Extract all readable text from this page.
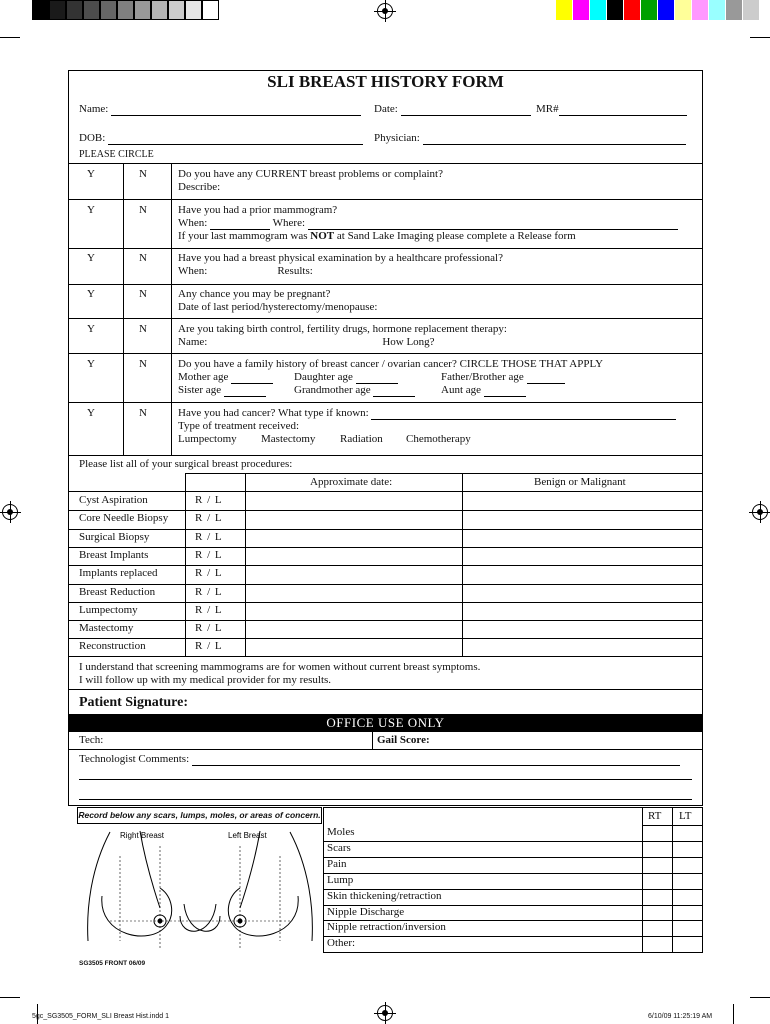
SLI BREAST HISTORY FORM
Name:	Date:	MR#
DOB:	Physician:
PLEASE CIRCLE
Y	N	Do you have any CURRENT breast problems or complaint?
Describe:
Y	N	Have you had a prior mammogram?
When:	Where:
If your last mammogram was NOT at Sand Lake Imaging please complete a Release form
Y	N	Have you had a breast physical examination by a healthcare professional?
When:	Results:
Y	N	Any chance you may be pregnant?
Date of last period/hysterectomy/menopause:
Y	N	Are you taking birth control, fertility drugs, hormone replacement therapy:
Name:	How Long?
Y	N	Do you have a family history of breast cancer / ovarian cancer? CIRCLE THOSE THAT APPLY
Mother age	Daughter age	Father/Brother age
Sister age	Grandmother age	Aunt age
Y	N	Have you had cancer? What type if known:
Type of treatment received:
Lumpectomy Mastectomy Radiation Chemotherapy
Please list all of your surgical breast procedures:
Approximate date:	Benign or Malignant
Cyst Aspiration	R / L
Core Needle Biopsy R / L
Surgical Biopsy	R / L
Breast Implants	R / L
Implants replaced	R / L
Breast Reduction	R / L
Lumpectomy	R / L
Mastectomy	R / L
Reconstruction	R / L
I understand that screening mammograms are for women without current breast symptoms.
I will follow up with my medical provider for my results.
Patient Signature:
OFFICE USE ONLY
Tech:	Gail Score:
Technologist Comments:
Record below any scars, lumps, moles, or areas of concern.
Right Breast	Left Breast
RT LT
Moles
Scars
Pain
Lump
Skin thickening/retraction
Nipple Discharge
Nipple retraction/inversion
Other:
SG3505 FRONT 06/09
5gc_SG3505_FORM_SLI Breast Hist.indd 1	6/10/09 11:25:19 AM
